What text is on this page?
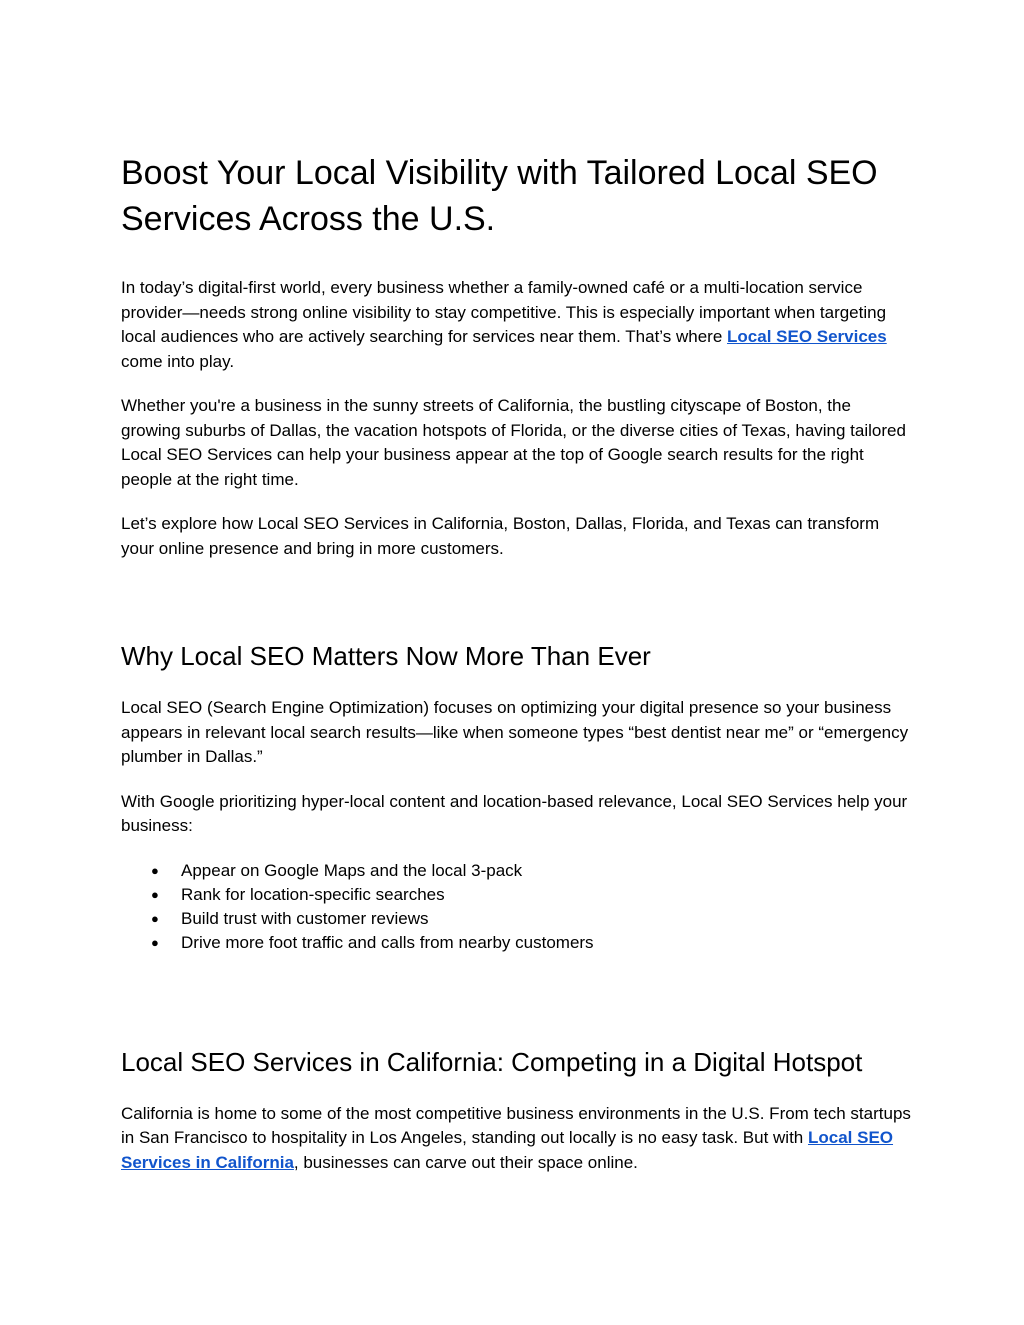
Boost Your Local Visibility with Tailored Local SEO Services Across the U.S.

In today’s digital-first world, every business whether a family-owned café or a multi-location service provider—needs strong online visibility to stay competitive. This is especially important when targeting local audiences who are actively searching for services near them. That’s where Local SEO Services come into play.

Whether you're a business in the sunny streets of California, the bustling cityscape of Boston, the growing suburbs of Dallas, the vacation hotspots of Florida, or the diverse cities of Texas, having tailored Local SEO Services can help your business appear at the top of Google search results for the right people at the right time.

Let’s explore how Local SEO Services in California, Boston, Dallas, Florida, and Texas can transform your online presence and bring in more customers.

Why Local SEO Matters Now More Than Ever

Local SEO (Search Engine Optimization) focuses on optimizing your digital presence so your business appears in relevant local search results—like when someone types “best dentist near me” or “emergency plumber in Dallas.”

With Google prioritizing hyper-local content and location-based relevance, Local SEO Services help your business:

● Appear on Google Maps and the local 3-pack
● Rank for location-specific searches
● Build trust with customer reviews
● Drive more foot traffic and calls from nearby customers
Local SEO Services in California: Competing in a Digital Hotspot

California is home to some of the most competitive business environments in the U.S. From tech startups in San Francisco to hospitality in Los Angeles, standing out locally is no easy task. But with Local SEO Services in California, businesses can carve out their space online.
